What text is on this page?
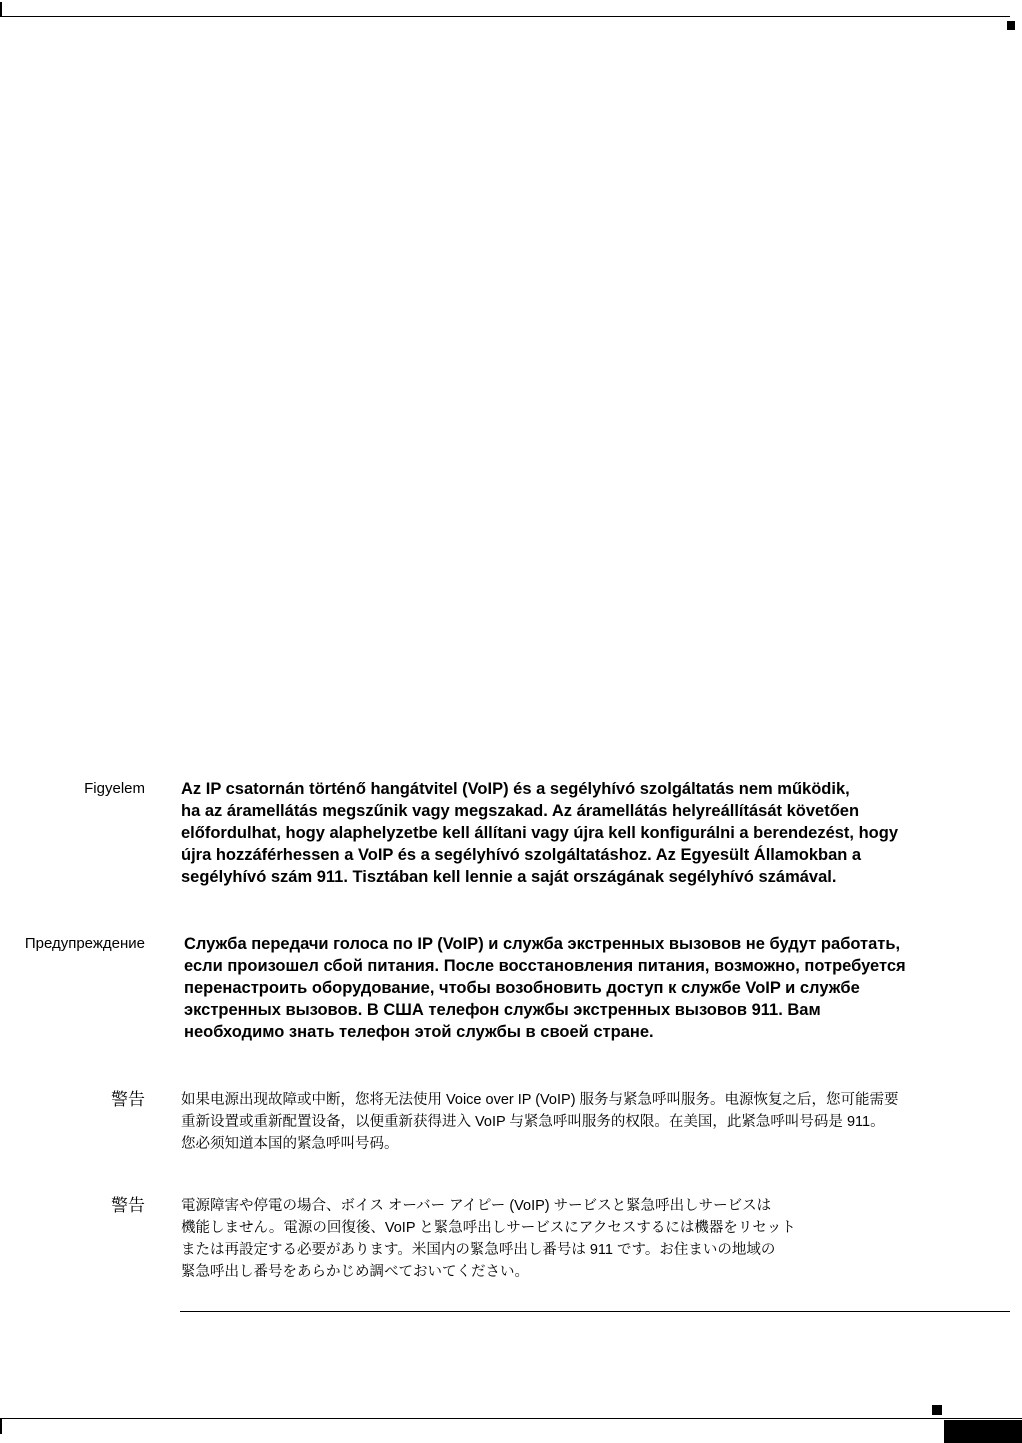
Figyelem Az IP csatornán történő hangátvitel (VoIP) és a segélyhívó szolgáltatás nem működik,
ha az áramellátás megszűnik vagy megszakad. Az áramellátás helyreállítását követően
előfordulhat, hogy alaphelyzetbe kell állítani vagy újra kell konfigurálni a berendezést, hogy
újra hozzáférhessen a VoIP és a segélyhívó szolgáltatáshoz. Az Egyesült Államokban a
segélyhívó szám 911. Tisztában kell lennie a saját országának segélyhívó számával.
Предупреждение Служба передачи голоса по IP (VoIP) и служба экстренных вызовов не будут работать,
если произошел сбой питания. После восстановления питания, возможно, потребуется
перенастроить оборудование, чтобы возобновить доступ к службе VoIP и службе
экстренных вызовов. В США телефон службы экстренных вызовов 911. Вам
необходимо знать телефон этой службы в своей стране.
警告 如果电源出现故障或中断，您将无法使用 Voice over IP (VoIP) 服务与紧急呼叫服务。电源恢复之后，您可能需要
重新设置或重新配置设备，以便重新获得进入 VoIP 与紧急呼叫服务的权限。在美国，此紧急呼叫号码是 911。
您必须知道本国的紧急呼叫号码。
警告 電源障害や停電の場合、ボイス オーバー アイピー (VoIP) サービスと緊急呼出しサービスは
機能しません。電源の回復後、VoIP と緊急呼出しサービスにアクセスするには機器をリセット
または再設定する必要があります。米国内の緊急呼出し番号は 911 です。お住まいの地域の
緊急呼出し番号をあらかじめ調べておいてください。
